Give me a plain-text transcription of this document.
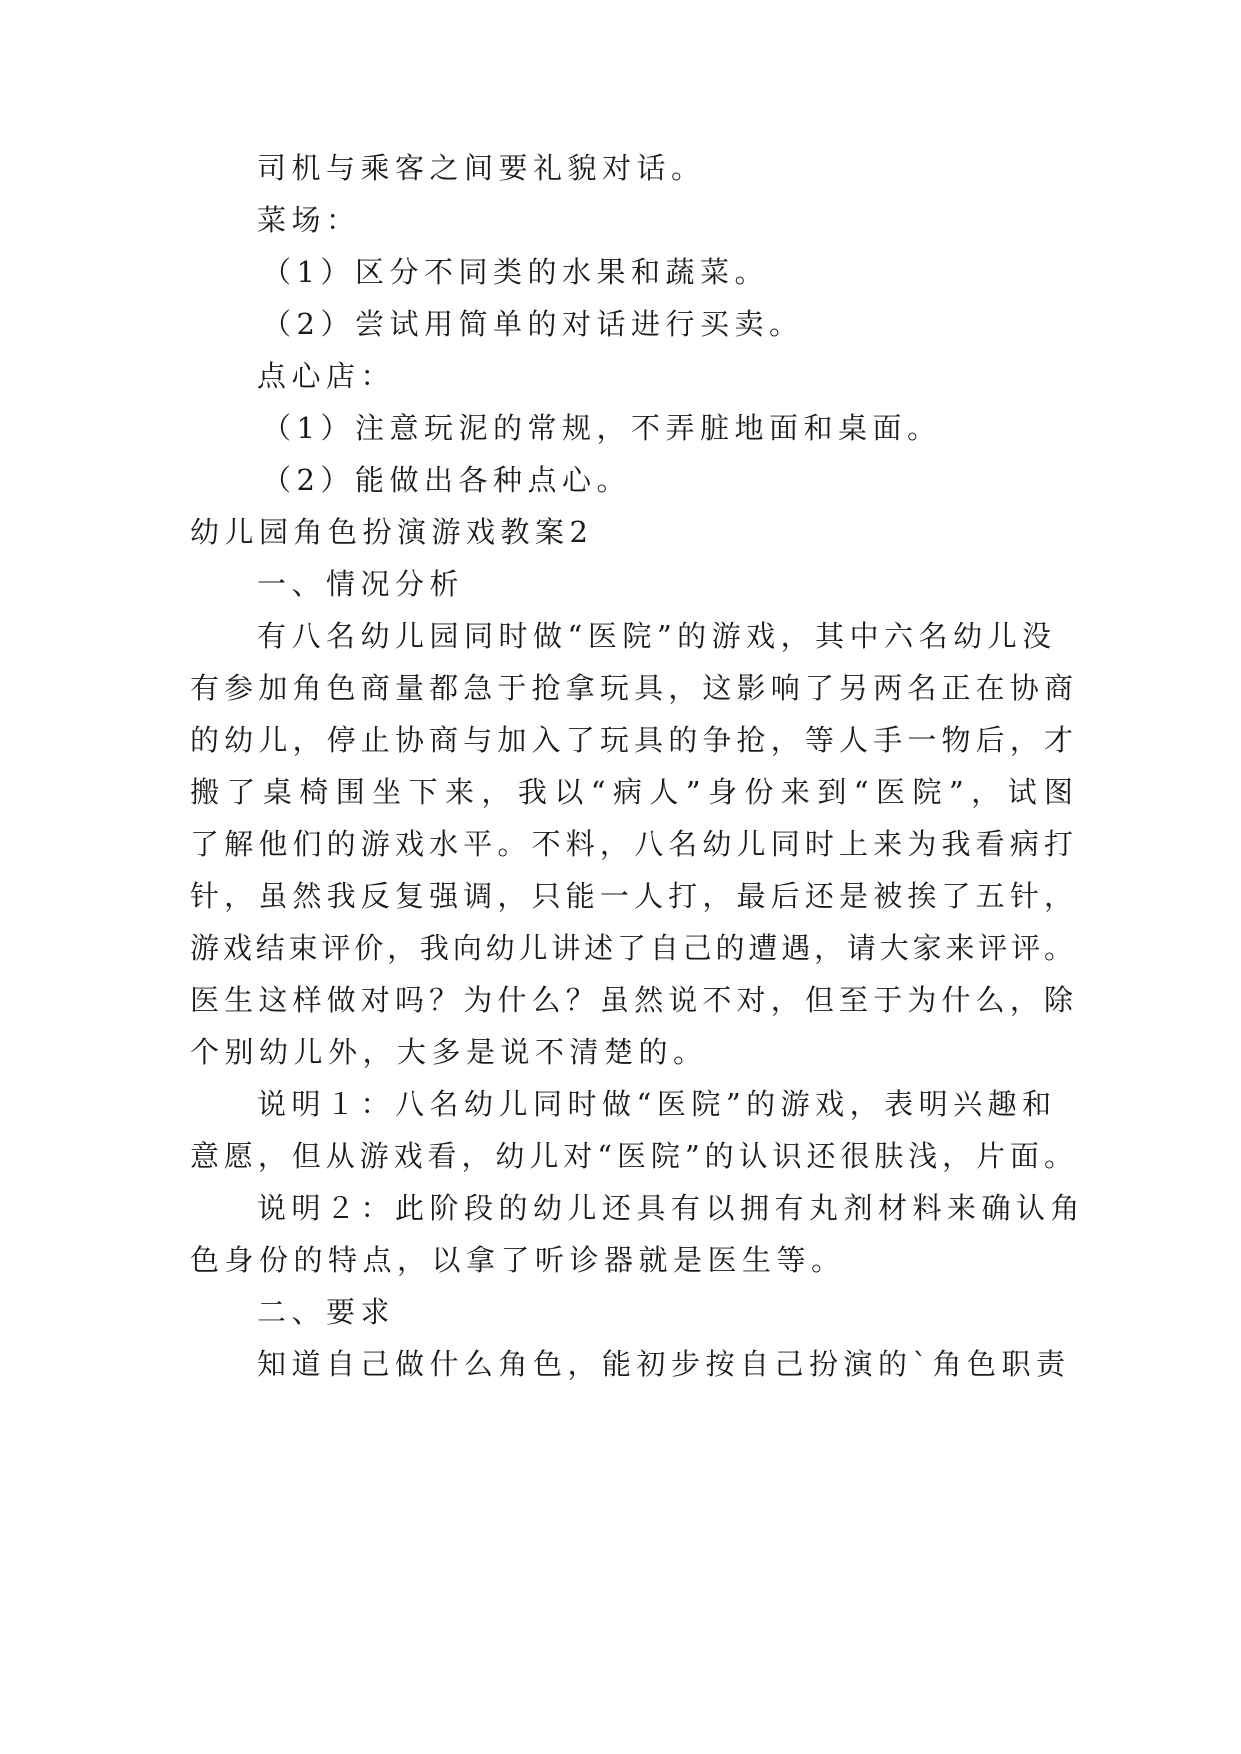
司机与乘客之间要礼貌对话。
菜场：
（1）区分不同类的水果和蔬菜。
（2）尝试用简单的对话进行买卖。
点心店：
（1）注意玩泥的常规，不弄脏地面和桌面。
（2）能做出各种点心。
幼儿园角色扮演游戏教案2
一、情况分析
有八名幼儿园同时做“医院”的游戏，其中六名幼儿没
有参加角色商量都急于抢拿玩具，这影响了另两名正在协商
的幼儿，停止协商与加入了玩具的争抢，等人手一物后，才
搬了桌椅围坐下来，我以“病人”身份来到“医院”，试图
了解他们的游戏水平。不料，八名幼儿同时上来为我看病打
针，虽然我反复强调，只能一人打，最后还是被挨了五针，
游戏结束评价，我向幼儿讲述了自己的遭遇，请大家来评评。
医生这样做对吗？为什么？虽然说不对，但至于为什么，除
个别幼儿外，大多是说不清楚的。
说明１：八名幼儿同时做“医院”的游戏，表明兴趣和
意愿，但从游戏看，幼儿对“医院”的认识还很肤浅，片面。
说明２：此阶段的幼儿还具有以拥有丸剂材料来确认角
色身份的特点，以拿了听诊器就是医生等。
二、要求
知道自己做什么角色，能初步按自己扮演的`角色职责
